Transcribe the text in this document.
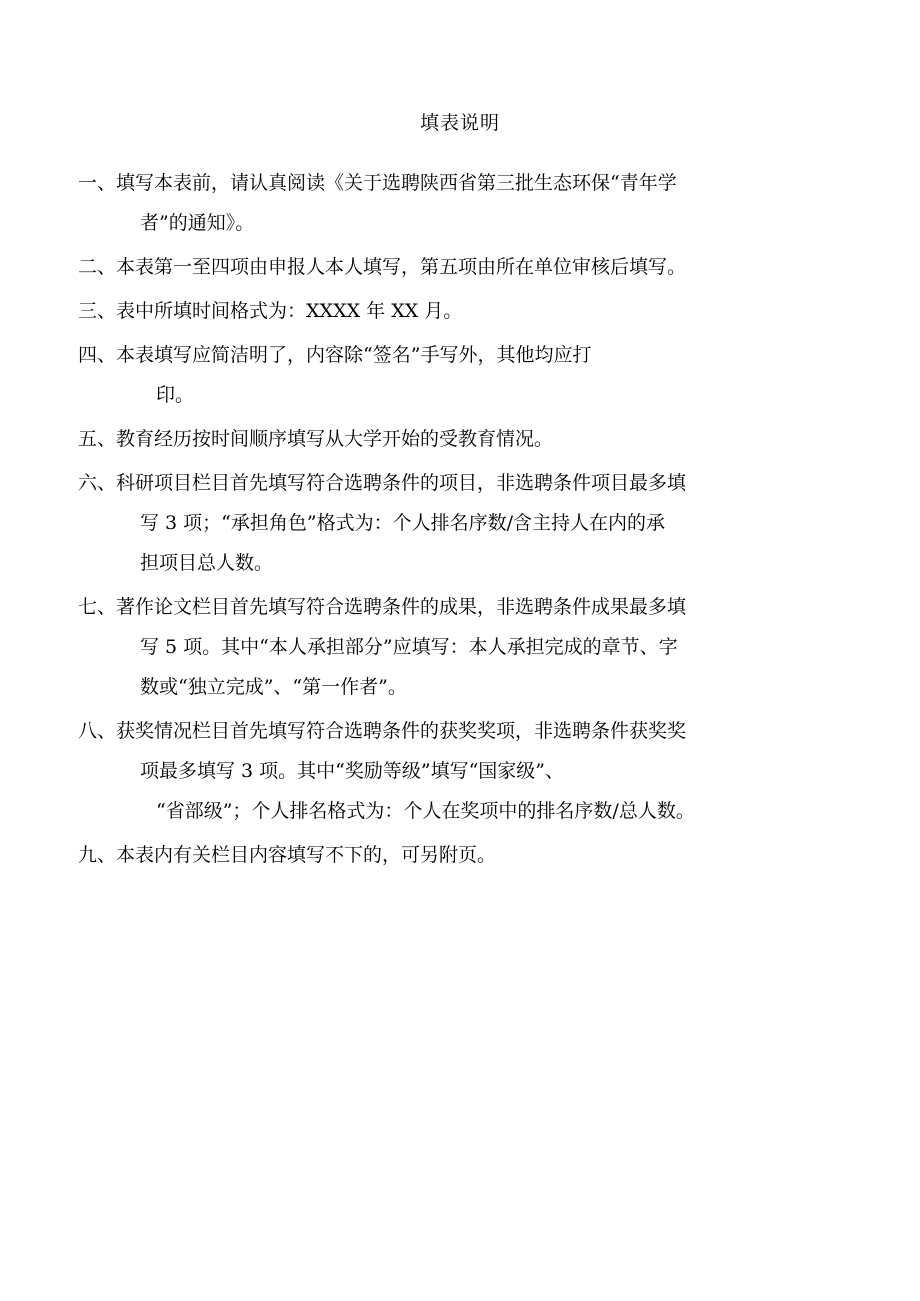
填表说明
一、填写本表前，请认真阅读《关于选聘陕西省第三批生态环保“青年学
者”的通知》。
二、本表第一至四项由申报人本人填写，第五项由所在单位审核后填写。
三、表中所填时间格式为：XXXX 年 XX 月。
四、本表填写应简洁明了，内容除“签名”手写外，其他均应打
印。
五、教育经历按时间顺序填写从大学开始的受教育情况。
六、科研项目栏目首先填写符合选聘条件的项目，非选聘条件项目最多填
写 3 项；“承担角色”格式为：个人排名序数/含主持人在内的承
担项目总人数。
七、著作论文栏目首先填写符合选聘条件的成果，非选聘条件成果最多填
写 5 项。其中“本人承担部分”应填写：本人承担完成的章节、字
数或“独立完成”、“第一作者”。
八、获奖情况栏目首先填写符合选聘条件的获奖奖项，非选聘条件获奖奖
项最多填写 3 项。其中“奖励等级”填写“国家级”、
“省部级”；个人排名格式为：个人在奖项中的排名序数/总人数。
九、本表内有关栏目内容填写不下的，可另附页。
